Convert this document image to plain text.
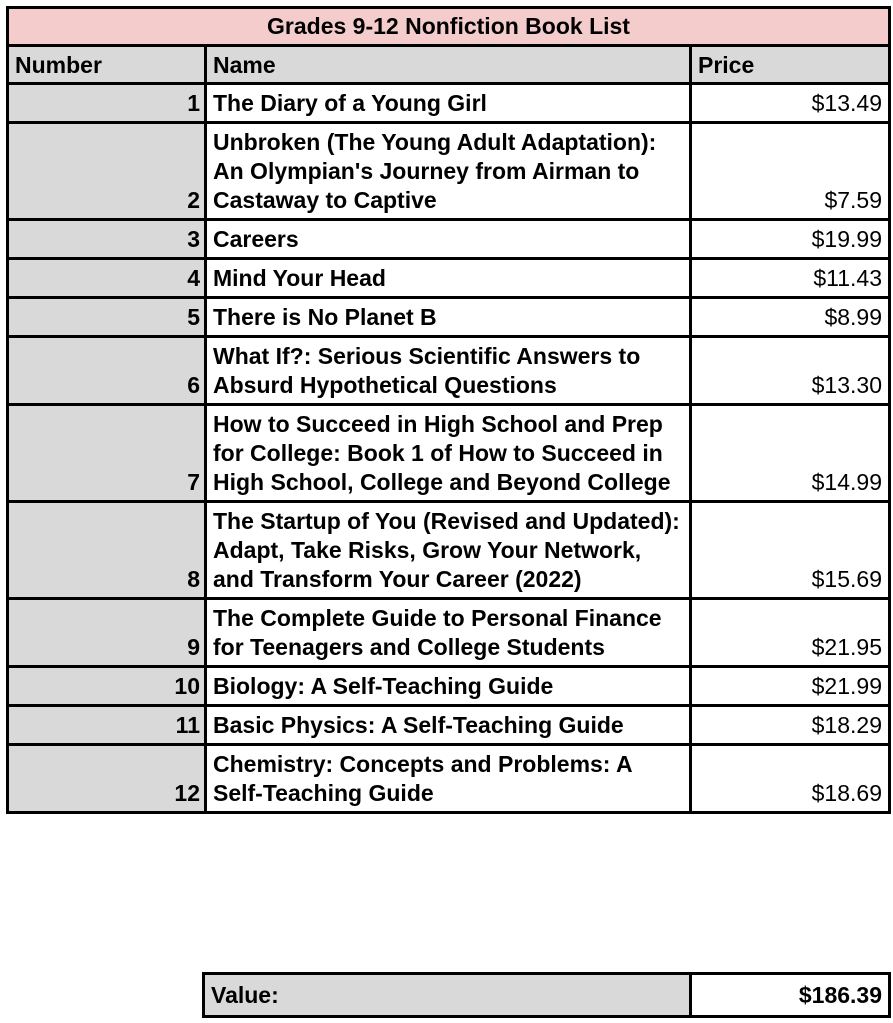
Grades 9-12 Nonfiction Book List		
Number	Name	Price
1	The Diary of a Young Girl	$13.49
2	Unbroken (The Young Adult Adaptation): An Olympian's Journey from Airman to Castaway to Captive	$7.59
3	Careers	$19.99
4	Mind Your Head	$11.43
5	There is No Planet B	$8.99
6	What If?: Serious Scientific Answers to Absurd Hypothetical Questions	$13.30
7	How to Succeed in High School and Prep for College: Book 1 of How to Succeed in High School, College and Beyond College	$14.99
8	The Startup of You (Revised and Updated): Adapt, Take Risks, Grow Your Network, and Transform Your Career (2022)	$15.69
9	The Complete Guide to Personal Finance for Teenagers and College Students	$21.95
10	Biology: A Self-Teaching Guide	$21.99
11	Basic Physics: A Self-Teaching Guide	$18.29
12	Chemistry: Concepts and Problems: A Self-Teaching Guide	$18.69
Value:	$186.39
